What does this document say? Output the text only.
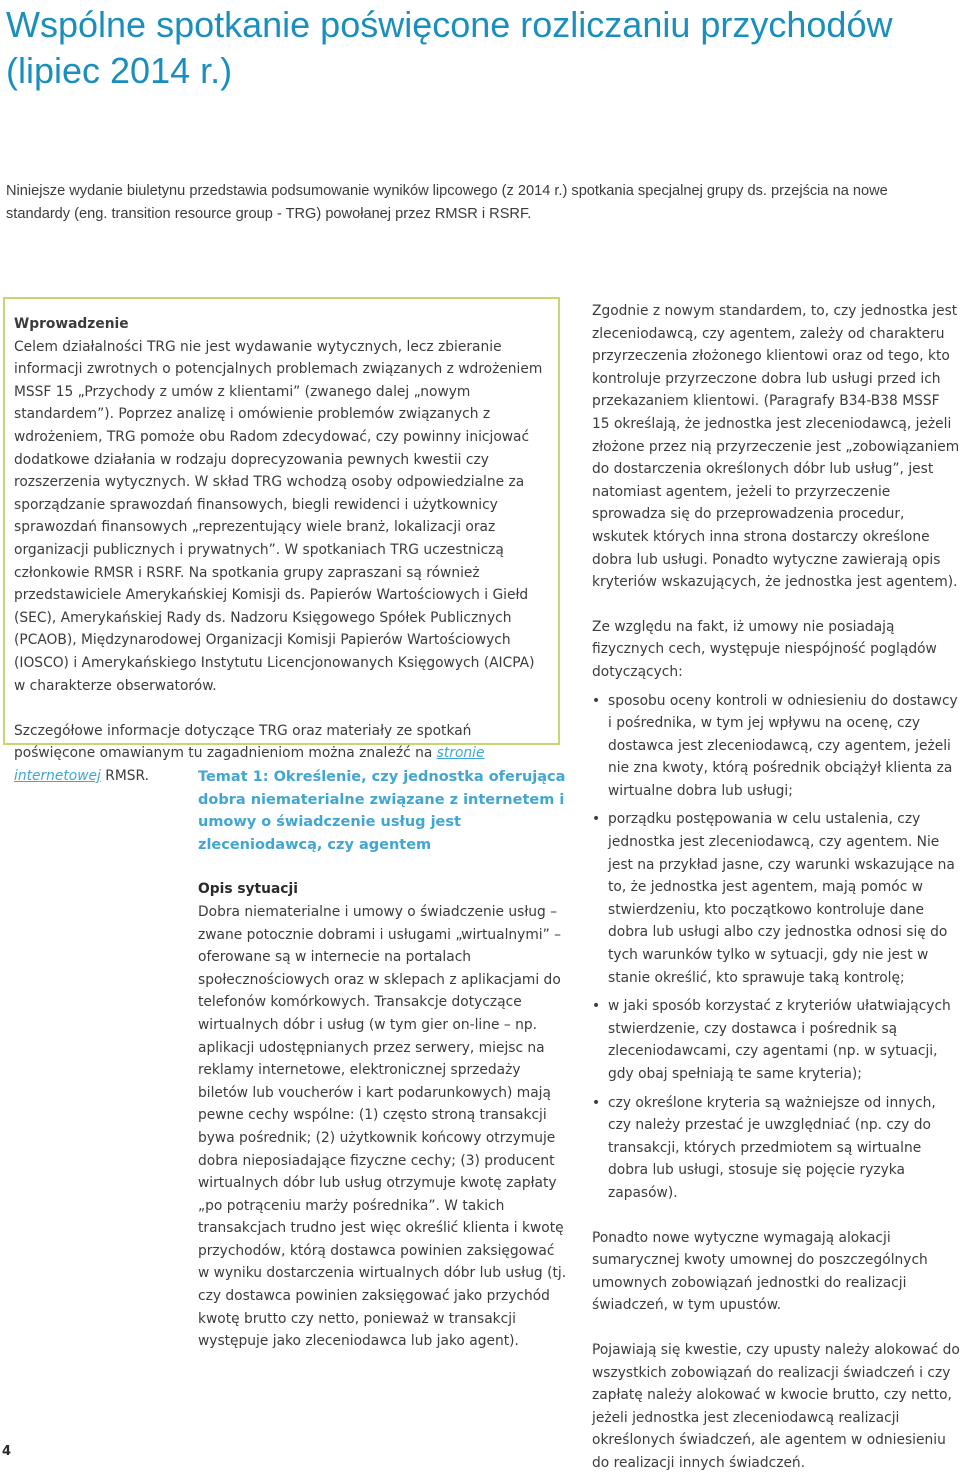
Wspólne spotkanie poświęcone rozliczaniu przychodów (lipiec 2014 r.)

Niniejsze wydanie biuletynu przedstawia podsumowanie wyników lipcowego (z 2014 r.) spotkania specjalnej grupy ds. przejścia na nowe standardy (eng. transition resource group - TRG) powołanej przez RMSR i RSRF.

Wprowadzenie

Celem działalności TRG nie jest wydawanie wytycznych, lecz zbieranie informacji zwrotnych o potencjalnych problemach związanych z wdrożeniem MSSF 15 „Przychody z umów z klientami” (zwanego dalej „nowym standardem”). Poprzez analizę i omówienie problemów związanych z wdrożeniem, TRG pomoże obu Radom zdecydować, czy powinny inicjować dodatkowe działania w rodzaju doprecyzowania pewnych kwestii czy rozszerzenia wytycznych. W skład TRG wchodzą osoby odpowiedzialne za sporządzanie sprawozdań finansowych, biegli rewidenci i użytkownicy sprawozdań finansowych „reprezentujący wiele branż, lokalizacji oraz organizacji publicznych i prywatnych”. W spotkaniach TRG uczestniczą członkowie RMSR i RSRF. Na spotkania grupy zapraszani są również przedstawiciele Amerykańskiej Komisji ds. Papierów Wartościowych i Giełd (SEC), Amerykańskiej Rady ds. Nadzoru Księgowego Spółek Publicznych (PCAOB), Międzynarodowej Organizacji Komisji Papierów Wartościowych (IOSCO) i Amerykańskiego Instytutu Licencjonowanych Księgowych (AICPA) w charakterze obserwatorów.

Szczegółowe informacje dotyczące TRG oraz materiały ze spotkań poświęcone omawianym tu zagadnieniom można znaleźć na stronie internetowej RMSR.	Temat 1: Określenie, czy jednostka oferująca dobra niematerialne związane z internetem i umowy o świadczenie usług jest zleceniodawcą, czy agentem

Opis sytuacji

Dobra niematerialne i umowy o świadczenie usług – zwane potocznie dobrami i usługami „wirtualnymi” – oferowane są w internecie na portalach społecznościowych oraz w sklepach z aplikacjami do telefonów komórkowych. Transakcje dotyczące wirtualnych dóbr i usług (w tym gier on-line – np. aplikacji udostępnianych przez serwery, miejsc na reklamy internetowe, elektronicznej sprzedaży biletów lub voucherów i kart podarunkowych) mają pewne cechy wspólne: (1) często stroną transakcji bywa pośrednik; (2) użytkownik końcowy otrzymuje dobra nieposiadające fizyczne cechy; (3) producent wirtualnych dóbr lub usług otrzymuje kwotę zapłaty „po potrąceniu marży pośrednika”. W takich transakcjach trudno jest więc określić klienta i kwotę przychodów, którą dostawca powinien zaksięgować w wyniku dostarczenia wirtualnych dóbr lub usług (tj. czy dostawca powinien zaksięgować jako przychód kwotę brutto czy netto, ponieważ w transakcji występuje jako zleceniodawca lub jako agent).

Zgodnie z nowym standardem, to, czy jednostka jest zleceniodawcą, czy agentem, zależy od charakteru przyrzeczenia złożonego klientowi oraz od tego, kto kontroluje przyrzeczone dobra lub usługi przed ich przekazaniem klientowi. (Paragrafy B34-B38 MSSF 15 określają, że jednostka jest zleceniodawcą, jeżeli złożone przez nią przyrzeczenie jest „zobowiązaniem do dostarczenia określonych dóbr lub usług”, jest natomiast agentem, jeżeli to przyrzeczenie sprowadza się do przeprowadzenia procedur, wskutek których inna strona dostarczy określone dobra lub usługi. Ponadto wytyczne zawierają opis kryteriów wskazujących, że jednostka jest agentem).

Ze względu na fakt, iż umowy nie posiadają fizycznych cech, występuje niespójność poglądów dotyczących:

• sposobu oceny kontroli w odniesieniu do dostawcy i pośrednika, w tym jej wpływu na ocenę, czy dostawca jest zleceniodawcą, czy agentem, jeżeli nie zna kwoty, którą pośrednik obciążył klienta za wirtualne dobra lub usługi;
• porządku postępowania w celu ustalenia, czy jednostka jest zleceniodawcą, czy agentem. Nie jest na przykład jasne, czy warunki wskazujące na to, że jednostka jest agentem, mają pomóc w stwierdzeniu, kto początkowo kontroluje dane dobra lub usługi albo czy jednostka odnosi się do tych warunków tylko w sytuacji, gdy nie jest w stanie określić, kto sprawuje taką kontrolę;
• w jaki sposób korzystać z kryteriów ułatwiających stwierdzenie, czy dostawca i pośrednik są zleceniodawcami, czy agentami (np. w sytuacji, gdy obaj spełniają te same kryteria);
• czy określone kryteria są ważniejsze od innych, czy należy przestać je uwzględniać (np. czy do transakcji, których przedmiotem są wirtualne dobra lub usługi, stosuje się pojęcie ryzyka zapasów).

Ponadto nowe wytyczne wymagają alokacji sumarycznej kwoty umownej do poszczególnych umownych zobowiązań jednostki do realizacji świadczeń, w tym upustów.

Pojawiają się kwestie, czy upusty należy alokować do wszystkich zobowiązań do realizacji świadczeń i czy zapłatę należy alokować w kwocie brutto, czy netto, jeżeli jednostka jest zleceniodawcą realizacji określonych świadczeń, ale agentem w odniesieniu do realizacji innych świadczeń.

4
